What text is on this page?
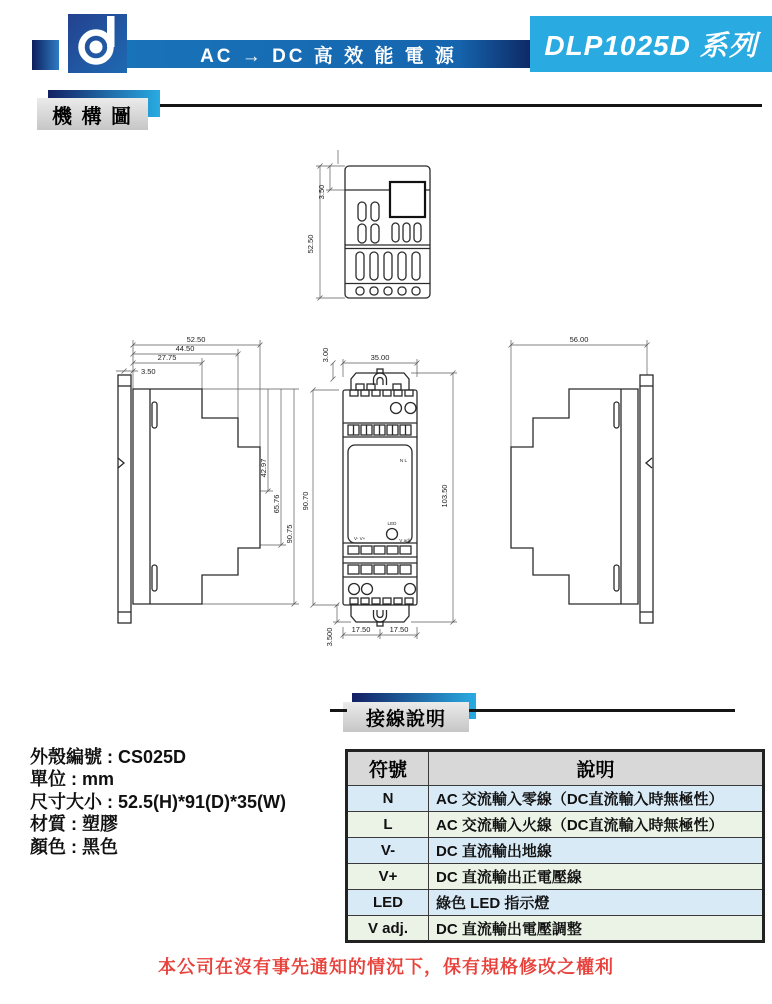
AC → DC 高 效 能 電 源	DLP1025D 系列
機 構 圖
52.50
3.50
52.50
44.50
27.75
3.50
42.97
65.76
90.75
35.00
3.00
90.70	103.50
3.500 17.50	17.50
N L
LED
V- V+	V adj.
56.00
接線說明
外殼編號 : CS025D
單位 : mm
尺寸大小 : 52.5(H)*91(D)*35(W)
材質 : 塑膠
顏色 : 黑色
符號	說明
N	AC 交流輸入零線（DC直流輸入時無極性）
L	AC 交流輸入火線（DC直流輸入時無極性）
V-	DC 直流輸出地線
V+	DC 直流輸出正電壓線
LED	綠色 LED 指示燈
V adj.	DC 直流輸出電壓調整
本公司在沒有事先通知的情況下，保有規格修改之權利
